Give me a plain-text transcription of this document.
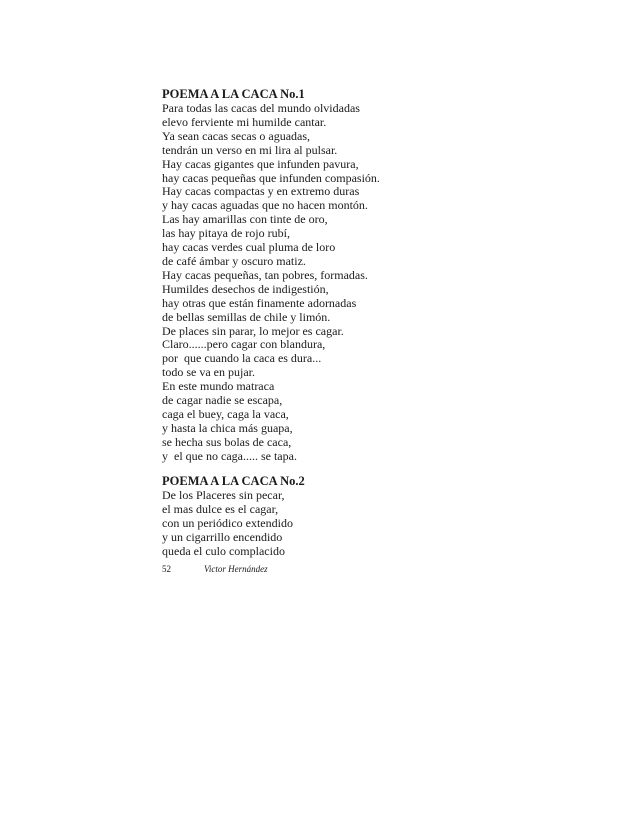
POEMA A LA CACA No.1
Para todas las cacas del mundo olvidadas
elevo ferviente mi humilde cantar.
Ya sean cacas secas o aguadas,
tendrán un verso en mi lira al pulsar.
Hay cacas gigantes que infunden pavura,
hay cacas pequeñas que infunden compasión.
Hay cacas compactas y en extremo duras
y hay cacas aguadas que no hacen montón.
Las hay amarillas con tinte de oro,
las hay pitaya de rojo rubí,
hay cacas verdes cual pluma de loro
de café ámbar y oscuro matiz.
Hay cacas pequeñas, tan pobres, formadas.
Humildes desechos de indigestión,
hay otras que están finamente adornadas
de bellas semillas de chile y limón.
De places sin parar, lo mejor es cagar.
Claro......pero cagar con blandura,
por  que cuando la caca es dura...
todo se va en pujar.
En este mundo matraca
de cagar nadie se escapa,
caga el buey, caga la vaca,
y hasta la chica más guapa,
se hecha sus bolas de caca,
y  el que no caga..... se tapa.
POEMA A LA CACA No.2
De los Placeres sin pecar,
el mas dulce es el cagar,
con un periódico extendido
y un cigarrillo encendido
queda el culo complacido
52	Victor Hernández
